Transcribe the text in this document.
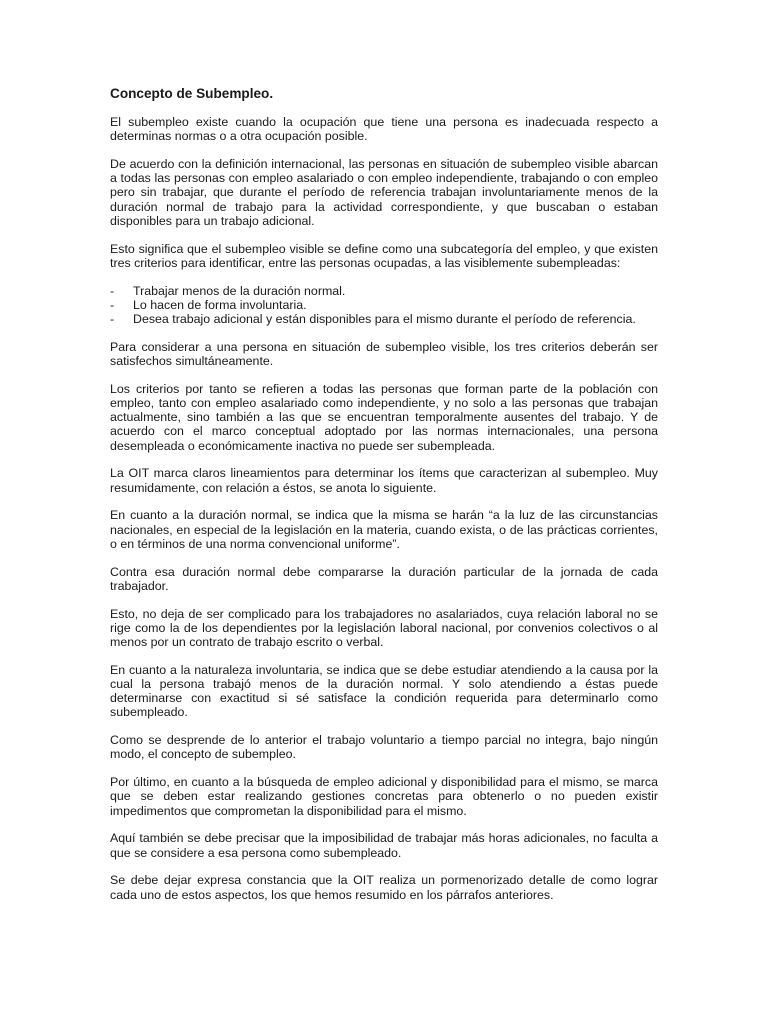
Concepto de Subempleo.

El subempleo existe cuando la ocupación que tiene una persona es inadecuada respecto a determinas normas o a otra ocupación posible.

De acuerdo con la definición internacional, las personas en situación de subempleo visible abarcan a todas las personas con empleo asalariado o con empleo independiente, trabajando o con empleo pero sin trabajar, que durante el período de referencia trabajan involuntariamente menos de la duración normal de trabajo para la actividad correspondiente, y que buscaban o estaban disponibles para un trabajo adicional.

Esto significa que el subempleo visible se define como una subcategoría del empleo, y que existen tres criterios para identificar, entre las personas ocupadas, a las visiblemente subempleadas:

- Trabajar menos de la duración normal.
- Lo hacen de forma involuntaria.
- Desea trabajo adicional y están disponibles para el mismo durante el período de referencia.

Para considerar a una persona en situación de subempleo visible, los tres criterios deberán ser satisfechos simultáneamente.

Los criterios por tanto se refieren a todas las personas que forman parte de la población con empleo, tanto con empleo asalariado como independiente, y no solo a las personas que trabajan actualmente, sino también a las que se encuentran temporalmente ausentes del trabajo. Y de acuerdo con el marco conceptual adoptado por las normas internacionales, una persona desempleada o económicamente inactiva no puede ser subempleada.

La OIT marca claros lineamientos para determinar los ítems que caracterizan al subempleo. Muy resumidamente, con relación a éstos, se anota lo siguiente.

En cuanto a la duración normal, se indica que la misma se harán “a la luz de las circunstancias nacionales, en especial de la legislación en la materia, cuando exista, o de las prácticas corrientes, o en términos de una norma convencional uniforme”.

Contra esa duración normal debe compararse la duración particular de la jornada de cada trabajador.

Esto, no deja de ser complicado para los trabajadores no asalariados, cuya relación laboral no se rige como la de los dependientes por la legislación laboral nacional, por convenios colectivos o al menos por un contrato de trabajo escrito o verbal.

En cuanto a la naturaleza involuntaria, se indica que se debe estudiar atendiendo a la causa por la cual la persona trabajó menos de la duración normal. Y solo atendiendo a éstas puede determinarse con exactitud si sé satisface la condición requerida para determinarlo como subempleado.

Como se desprende de lo anterior el trabajo voluntario a tiempo parcial no integra, bajo ningún modo, el concepto de subempleo.

Por último, en cuanto a la búsqueda de empleo adicional y disponibilidad para el mismo, se marca que se deben estar realizando gestiones concretas para obtenerlo o no pueden existir impedimentos que comprometan la disponibilidad para el mismo.

Aquí también se debe precisar que la imposibilidad de trabajar más horas adicionales, no faculta a que se considere a esa persona como subempleado.

Se debe dejar expresa constancia que la OIT realiza un pormenorizado detalle de como lograr cada uno de estos aspectos, los que hemos resumido en los párrafos anteriores.
